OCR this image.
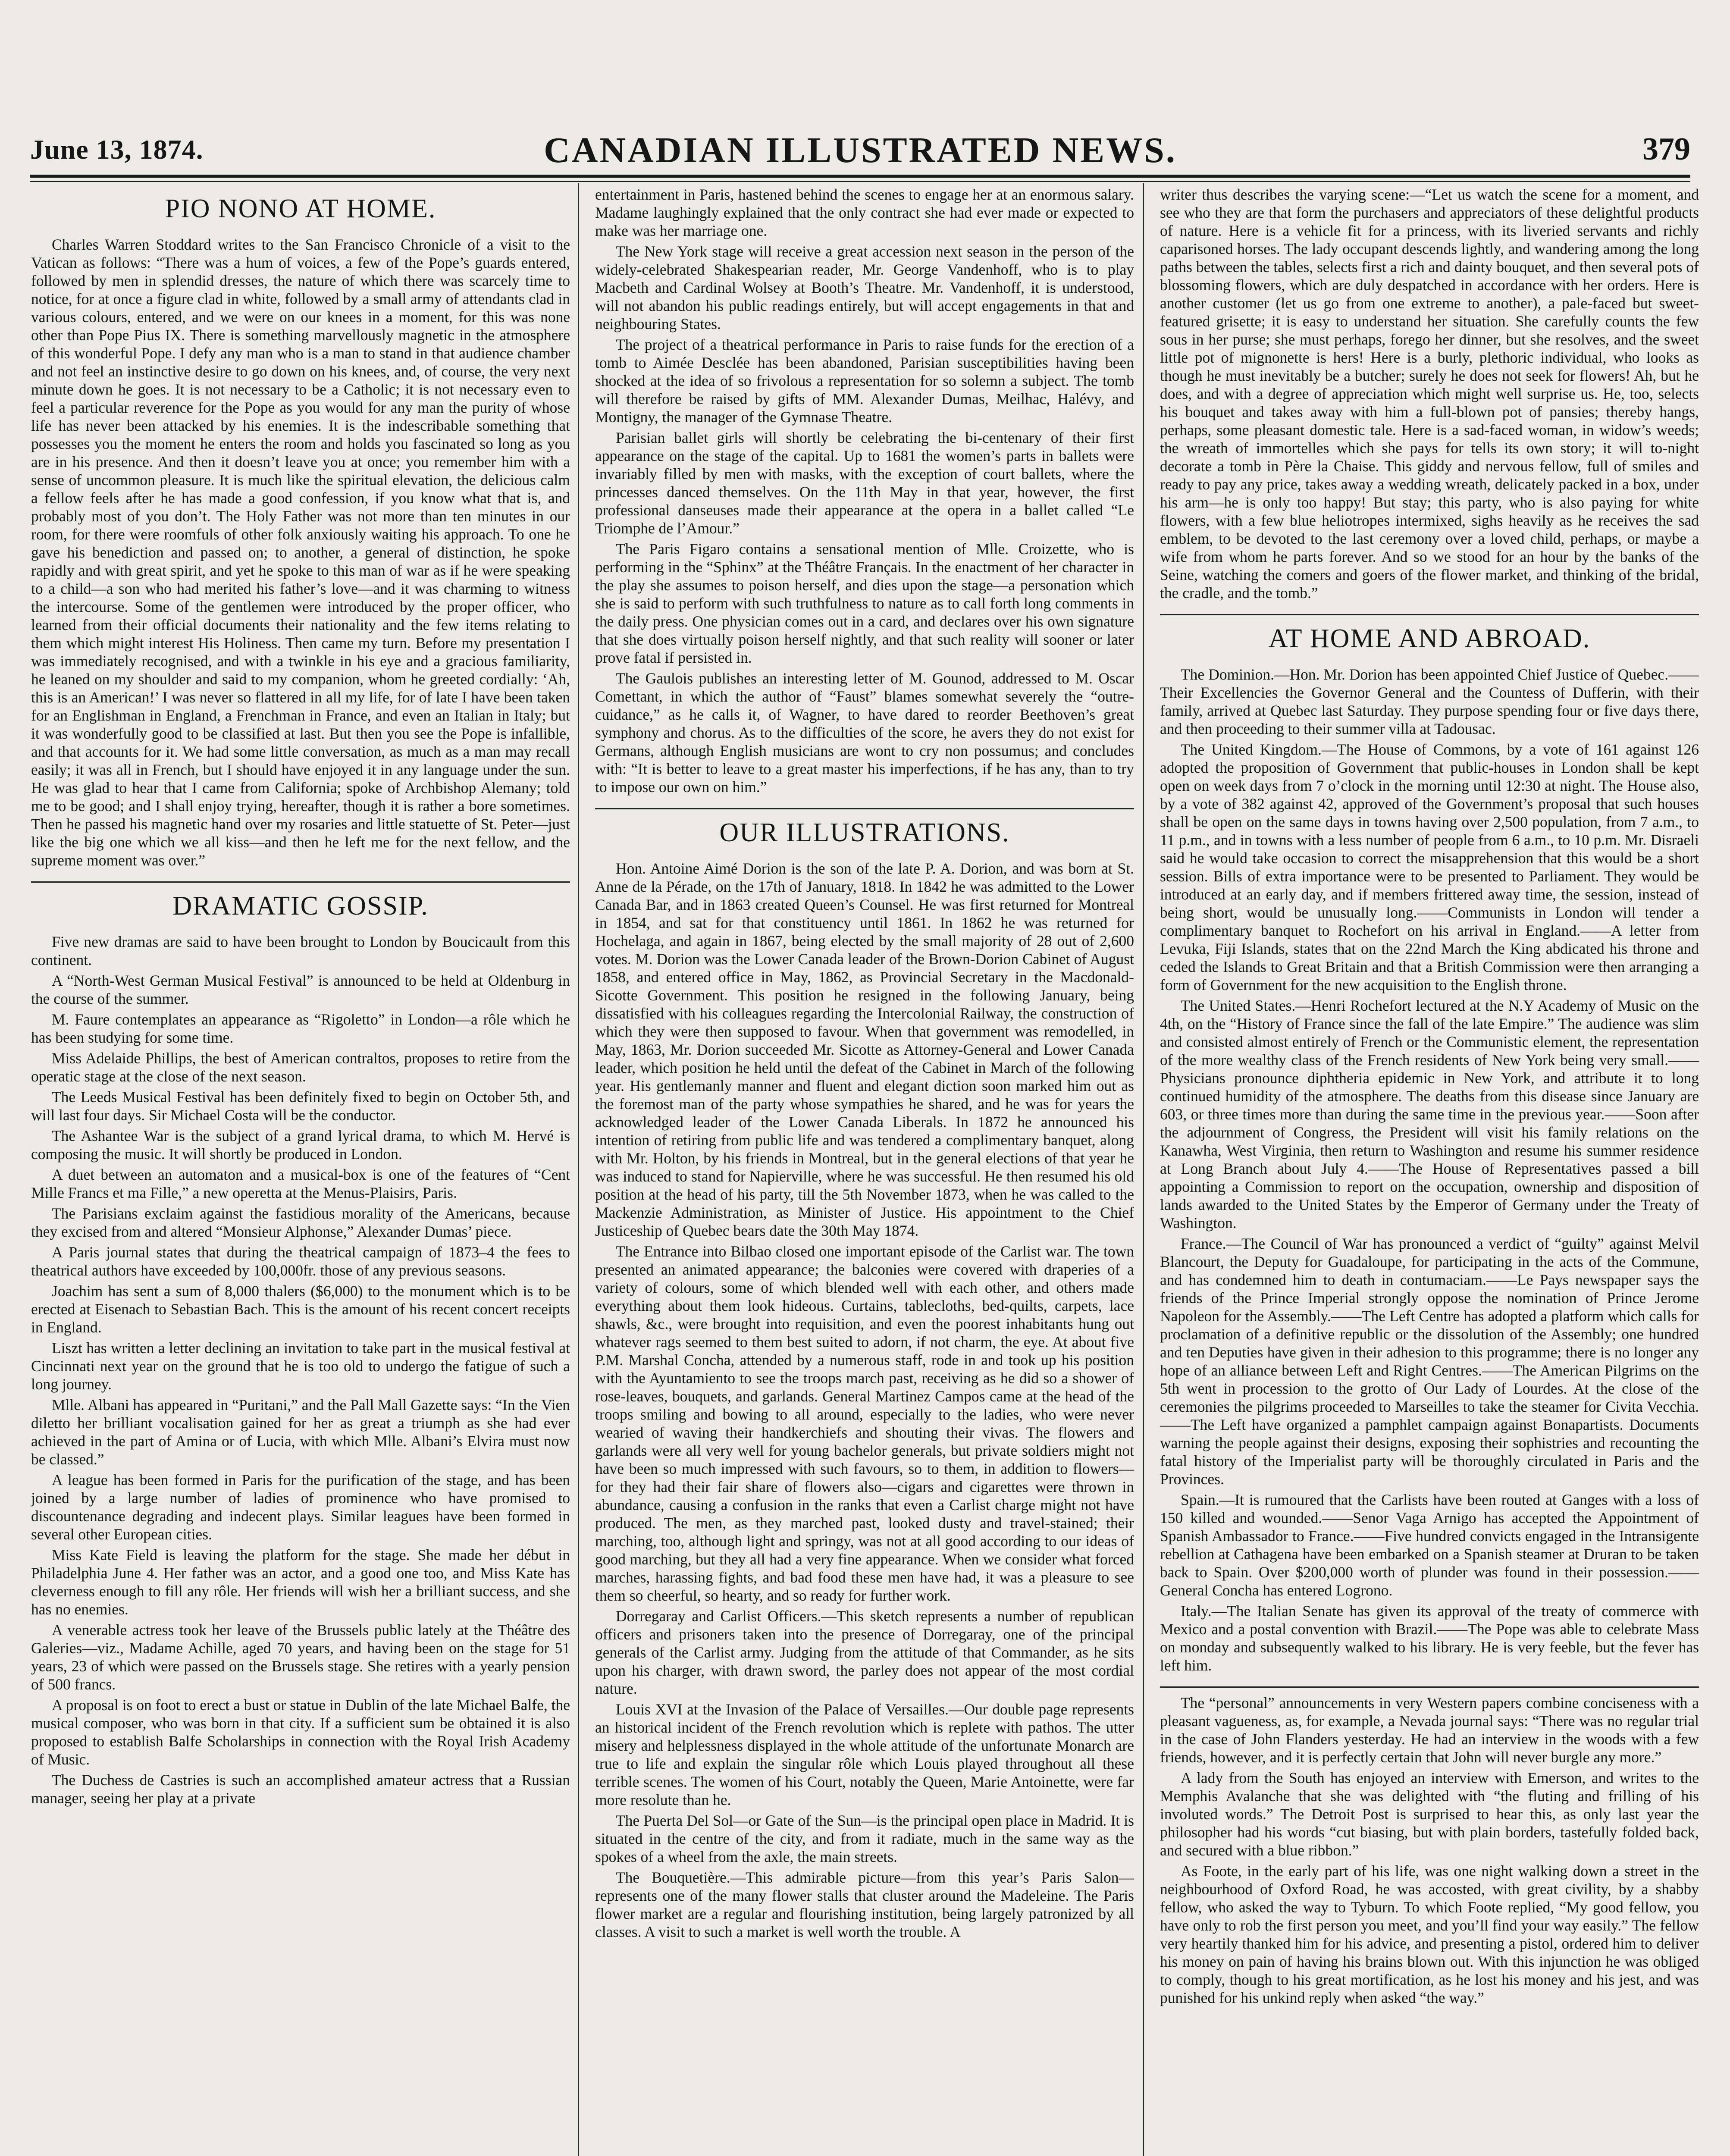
June 13, 1874.	CANADIAN ILLUSTRATED NEWS.	379
PIO NONO AT HOME.

Charles Warren Stoddard writes to the San Francisco Chronicle of a visit to the Vatican as follows: “There was a hum of voices, a few of the Pope’s guards entered, followed by men in splendid dresses, the nature of which there was scarcely time to notice, for at once a figure clad in white, followed by a small army of attendants clad in various colours, entered, and we were on our knees in a moment, for this was none other than Pope Pius IX. There is something marvellously magnetic in the atmosphere of this wonderful Pope. I defy any man who is a man to stand in that audience chamber and not feel an instinctive desire to go down on his knees, and, of course, the very next minute down he goes. It is not necessary to be a Catholic; it is not necessary even to feel a particular reverence for the Pope as you would for any man the purity of whose life has never been attacked by his enemies. It is the indescribable something that possesses you the moment he enters the room and holds you fascinated so long as you are in his presence. And then it doesn’t leave you at once; you remember him with a sense of uncommon pleasure. It is much like the spiritual elevation, the delicious calm a fellow feels after he has made a good confession, if you know what that is, and probably most of you don’t. The Holy Father was not more than ten minutes in our room, for there were roomfuls of other folk anxiously waiting his approach. To one he gave his benediction and passed on; to another, a general of distinction, he spoke rapidly and with great spirit, and yet he spoke to this man of war as if he were speaking to a child—a son who had merited his father’s love—and it was charming to witness the intercourse. Some of the gentlemen were introduced by the proper officer, who learned from their official documents their nationality and the few items relating to them which might interest His Holiness. Then came my turn. Before my presentation I was immediately recognised, and with a twinkle in his eye and a gracious familiarity, he leaned on my shoulder and said to my companion, whom he greeted cordially: ‘Ah, this is an American!’ I was never so flattered in all my life, for of late I have been taken for an Englishman in England, a Frenchman in France, and even an Italian in Italy; but it was wonderfully good to be classified at last. But then you see the Pope is infallible, and that accounts for it. We had some little conversation, as much as a man may recall easily; it was all in French, but I should have enjoyed it in any language under the sun. He was glad to hear that I came from California; spoke of Archbishop Alemany; told me to be good; and I shall enjoy trying, hereafter, though it is rather a bore sometimes. Then he passed his magnetic hand over my rosaries and little statuette of St. Peter—just like the big one which we all kiss—and then he left me for the next fellow, and the supreme moment was over.”

DRAMATIC GOSSIP.

Five new dramas are said to have been brought to London by Boucicault from this continent.

A “North-West German Musical Festival” is announced to be held at Oldenburg in the course of the summer.

M. Faure contemplates an appearance as “Rigoletto” in London—a rôle which he has been studying for some time.

Miss Adelaide Phillips, the best of American contraltos, proposes to retire from the operatic stage at the close of the next season.

The Leeds Musical Festival has been definitely fixed to begin on October 5th, and will last four days. Sir Michael Costa will be the conductor.

The Ashantee War is the subject of a grand lyrical drama, to which M. Hervé is composing the music. It will shortly be produced in London.

A duet between an automaton and a musical-box is one of the features of “Cent Mille Francs et ma Fille,” a new operetta at the Menus-Plaisirs, Paris.

The Parisians exclaim against the fastidious morality of the Americans, because they excised from and altered “Monsieur Alphonse,” Alexander Dumas’ piece.

A Paris journal states that during the theatrical campaign of 1873–4 the fees to theatrical authors have exceeded by 100,000fr. those of any previous seasons.

Joachim has sent a sum of 8,000 thalers ($6,000) to the monument which is to be erected at Eisenach to Sebastian Bach. This is the amount of his recent concert receipts in England.

Liszt has written a letter declining an invitation to take part in the musical festival at Cincinnati next year on the ground that he is too old to undergo the fatigue of such a long journey.

Mlle. Albani has appeared in “Puritani,” and the Pall Mall Gazette says: “In the Vien diletto her brilliant vocalisation gained for her as great a triumph as she had ever achieved in the part of Amina or of Lucia, with which Mlle. Albani’s Elvira must now be classed.”

A league has been formed in Paris for the purification of the stage, and has been joined by a large number of ladies of prominence who have promised to discountenance degrading and indecent plays. Similar leagues have been formed in several other European cities.

Miss Kate Field is leaving the platform for the stage. She made her début in Philadelphia June 4. Her father was an actor, and a good one too, and Miss Kate has cleverness enough to fill any rôle. Her friends will wish her a brilliant success, and she has no enemies.

A venerable actress took her leave of the Brussels public lately at the Théâtre des Galeries—viz., Madame Achille, aged 70 years, and having been on the stage for 51 years, 23 of which were passed on the Brussels stage. She retires with a yearly pension of 500 francs.

A proposal is on foot to erect a bust or statue in Dublin of the late Michael Balfe, the musical composer, who was born in that city. If a sufficient sum be obtained it is also proposed to establish Balfe Scholarships in connection with the Royal Irish Academy of Music.

The Duchess de Castries is such an accomplished amateur actress that a Russian manager, seeing her play at a private

entertainment in Paris, hastened behind the scenes to engage her at an enormous salary. Madame laughingly explained that the only contract she had ever made or expected to make was her marriage one.

The New York stage will receive a great accession next season in the person of the widely-celebrated Shakespearian reader, Mr. George Vandenhoff, who is to play Macbeth and Cardinal Wolsey at Booth’s Theatre. Mr. Vandenhoff, it is understood, will not abandon his public readings entirely, but will accept engagements in that and neighbouring States.

The project of a theatrical performance in Paris to raise funds for the erection of a tomb to Aimée Desclée has been abandoned, Parisian susceptibilities having been shocked at the idea of so frivolous a representation for so solemn a subject. The tomb will therefore be raised by gifts of MM. Alexander Dumas, Meilhac, Halévy, and Montigny, the manager of the Gymnase Theatre.

Parisian ballet girls will shortly be celebrating the bi-centenary of their first appearance on the stage of the capital. Up to 1681 the women’s parts in ballets were invariably filled by men with masks, with the exception of court ballets, where the princesses danced themselves. On the 11th May in that year, however, the first professional danseuses made their appearance at the opera in a ballet called “Le Triomphe de l’Amour.”

The Paris Figaro contains a sensational mention of Mlle. Croizette, who is performing in the “Sphinx” at the Théâtre Français. In the enactment of her character in the play she assumes to poison herself, and dies upon the stage—a personation which she is said to perform with such truthfulness to nature as to call forth long comments in the daily press. One physician comes out in a card, and declares over his own signature that she does virtually poison herself nightly, and that such reality will sooner or later prove fatal if persisted in.

The Gaulois publishes an interesting letter of M. Gounod, addressed to M. Oscar Comettant, in which the author of “Faust” blames somewhat severely the “outre-cuidance,” as he calls it, of Wagner, to have dared to reorder Beethoven’s great symphony and chorus. As to the difficulties of the score, he avers they do not exist for Germans, although English musicians are wont to cry non possumus; and concludes with: “It is better to leave to a great master his imperfections, if he has any, than to try to impose our own on him.”

OUR ILLUSTRATIONS.

Hon. Antoine Aimé Dorion is the son of the late P. A. Dorion, and was born at St. Anne de la Pérade, on the 17th of January, 1818. In 1842 he was admitted to the Lower Canada Bar, and in 1863 created Queen’s Counsel. He was first returned for Montreal in 1854, and sat for that constituency until 1861. In 1862 he was returned for Hochelaga, and again in 1867, being elected by the small majority of 28 out of 2,600 votes. M. Dorion was the Lower Canada leader of the Brown-Dorion Cabinet of August 1858, and entered office in May, 1862, as Provincial Secretary in the Macdonald-Sicotte Government. This position he resigned in the following January, being dissatisfied with his colleagues regarding the Intercolonial Railway, the construction of which they were then supposed to favour. When that government was remodelled, in May, 1863, Mr. Dorion succeeded Mr. Sicotte as Attorney-General and Lower Canada leader, which position he held until the defeat of the Cabinet in March of the following year. His gentlemanly manner and fluent and elegant diction soon marked him out as the foremost man of the party whose sympathies he shared, and he was for years the acknowledged leader of the Lower Canada Liberals. In 1872 he announced his intention of retiring from public life and was tendered a complimentary banquet, along with Mr. Holton, by his friends in Montreal, but in the general elections of that year he was induced to stand for Napierville, where he was successful. He then resumed his old position at the head of his party, till the 5th November 1873, when he was called to the Mackenzie Administration, as Minister of Justice. His appointment to the Chief Justiceship of Quebec bears date the 30th May 1874.

The Entrance into Bilbao closed one important episode of the Carlist war. The town presented an animated appearance; the balconies were covered with draperies of a variety of colours, some of which blended well with each other, and others made everything about them look hideous. Curtains, tablecloths, bed-quilts, carpets, lace shawls, &c., were brought into requisition, and even the poorest inhabitants hung out whatever rags seemed to them best suited to adorn, if not charm, the eye. At about five P.M. Marshal Concha, attended by a numerous staff, rode in and took up his position with the Ayuntamiento to see the troops march past, receiving as he did so a shower of rose-leaves, bouquets, and garlands. General Martinez Campos came at the head of the troops smiling and bowing to all around, especially to the ladies, who were never wearied of waving their handkerchiefs and shouting their vivas. The flowers and garlands were all very well for young bachelor generals, but private soldiers might not have been so much impressed with such favours, so to them, in addition to flowers—for they had their fair share of flowers also—cigars and cigarettes were thrown in abundance, causing a confusion in the ranks that even a Carlist charge might not have produced. The men, as they marched past, looked dusty and travel-stained; their marching, too, although light and springy, was not at all good according to our ideas of good marching, but they all had a very fine appearance. When we consider what forced marches, harassing fights, and bad food these men have had, it was a pleasure to see them so cheerful, so hearty, and so ready for further work.

Dorregaray and Carlist Officers.—This sketch represents a number of republican officers and prisoners taken into the presence of Dorregaray, one of the principal generals of the Carlist army. Judging from the attitude of that Commander, as he sits upon his charger, with drawn sword, the parley does not appear of the most cordial nature.

Louis XVI at the Invasion of the Palace of Versailles.—Our double page represents an historical incident of the French revolution which is replete with pathos. The utter misery and helplessness displayed in the whole attitude of the unfortunate Monarch are true to life and explain the singular rôle which Louis played throughout all these terrible scenes. The women of his Court, notably the Queen, Marie Antoinette, were far more resolute than he.

The Puerta Del Sol—or Gate of the Sun—is the principal open place in Madrid. It is situated in the centre of the city, and from it radiate, much in the same way as the spokes of a wheel from the axle, the main streets.

The Bouquetière.—This admirable picture—from this year’s Paris Salon—represents one of the many flower stalls that cluster around the Madeleine. The Paris flower market are a regular and flourishing institution, being largely patronized by all classes. A visit to such a market is well worth the trouble. A

writer thus describes the varying scene:—“Let us watch the scene for a moment, and see who they are that form the purchasers and appreciators of these delightful products of nature. Here is a vehicle fit for a princess, with its liveried servants and richly caparisoned horses. The lady occupant descends lightly, and wandering among the long paths between the tables, selects first a rich and dainty bouquet, and then several pots of blossoming flowers, which are duly despatched in accordance with her orders. Here is another customer (let us go from one extreme to another), a pale-faced but sweet-featured grisette; it is easy to understand her situation. She carefully counts the few sous in her purse; she must perhaps, forego her dinner, but she resolves, and the sweet little pot of mignonette is hers! Here is a burly, plethoric individual, who looks as though he must inevitably be a butcher; surely he does not seek for flowers! Ah, but he does, and with a degree of appreciation which might well surprise us. He, too, selects his bouquet and takes away with him a full-blown pot of pansies; thereby hangs, perhaps, some pleasant domestic tale. Here is a sad-faced woman, in widow’s weeds; the wreath of immortelles which she pays for tells its own story; it will to-night decorate a tomb in Père la Chaise. This giddy and nervous fellow, full of smiles and ready to pay any price, takes away a wedding wreath, delicately packed in a box, under his arm—he is only too happy! But stay; this party, who is also paying for white flowers, with a few blue heliotropes intermixed, sighs heavily as he receives the sad emblem, to be devoted to the last ceremony over a loved child, perhaps, or maybe a wife from whom he parts forever. And so we stood for an hour by the banks of the Seine, watching the comers and goers of the flower market, and thinking of the bridal, the cradle, and the tomb.”

AT HOME AND ABROAD.

The Dominion.—Hon. Mr. Dorion has been appointed Chief Justice of Quebec.——Their Excellencies the Governor General and the Countess of Dufferin, with their family, arrived at Quebec last Saturday. They purpose spending four or five days there, and then proceeding to their summer villa at Tadousac.

The United Kingdom.—The House of Commons, by a vote of 161 against 126 adopted the proposition of Government that public-houses in London shall be kept open on week days from 7 o’clock in the morning until 12:30 at night. The House also, by a vote of 382 against 42, approved of the Government’s proposal that such houses shall be open on the same days in towns having over 2,500 population, from 7 a.m., to 11 p.m., and in towns with a less number of people from 6 a.m., to 10 p.m. Mr. Disraeli said he would take occasion to correct the misapprehension that this would be a short session. Bills of extra importance were to be presented to Parliament. They would be introduced at an early day, and if members frittered away time, the session, instead of being short, would be unusually long.——Communists in London will tender a complimentary banquet to Rochefort on his arrival in England.——A letter from Levuka, Fiji Islands, states that on the 22nd March the King abdicated his throne and ceded the Islands to Great Britain and that a British Commission were then arranging a form of Government for the new acquisition to the English throne.

The United States.—Henri Rochefort lectured at the N.Y Academy of Music on the 4th, on the “History of France since the fall of the late Empire.” The audience was slim and consisted almost entirely of French or the Communistic element, the representation of the more wealthy class of the French residents of New York being very small.——Physicians pronounce diphtheria epidemic in New York, and attribute it to long continued humidity of the atmosphere. The deaths from this disease since January are 603, or three times more than during the same time in the previous year.——Soon after the adjournment of Congress, the President will visit his family relations on the Kanawha, West Virginia, then return to Washington and resume his summer residence at Long Branch about July 4.——The House of Representatives passed a bill appointing a Commission to report on the occupation, ownership and disposition of lands awarded to the United States by the Emperor of Germany under the Treaty of Washington.

France.—The Council of War has pronounced a verdict of “guilty” against Melvil Blancourt, the Deputy for Guadaloupe, for participating in the acts of the Commune, and has condemned him to death in contumaciam.——Le Pays newspaper says the friends of the Prince Imperial strongly oppose the nomination of Prince Jerome Napoleon for the Assembly.——The Left Centre has adopted a platform which calls for proclamation of a definitive republic or the dissolution of the Assembly; one hundred and ten Deputies have given in their adhesion to this programme; there is no longer any hope of an alliance between Left and Right Centres.——The American Pilgrims on the 5th went in procession to the grotto of Our Lady of Lourdes. At the close of the ceremonies the pilgrims proceeded to Marseilles to take the steamer for Civita Vecchia.——The Left have organized a pamphlet campaign against Bonapartists. Documents warning the people against their designs, exposing their sophistries and recounting the fatal history of the Imperialist party will be thoroughly circulated in Paris and the Provinces.

Spain.—It is rumoured that the Carlists have been routed at Ganges with a loss of 150 killed and wounded.——Senor Vaga Arnigo has accepted the Appointment of Spanish Ambassador to France.——Five hundred convicts engaged in the Intransigente rebellion at Cathagena have been embarked on a Spanish steamer at Druran to be taken back to Spain. Over $200,000 worth of plunder was found in their possession.——General Concha has entered Logrono.

Italy.—The Italian Senate has given its approval of the treaty of commerce with Mexico and a postal convention with Brazil.——The Pope was able to celebrate Mass on monday and subsequently walked to his library. He is very feeble, but the fever has left him.

The “personal” announcements in very Western papers combine conciseness with a pleasant vagueness, as, for example, a Nevada journal says: “There was no regular trial in the case of John Flanders yesterday. He had an interview in the woods with a few friends, however, and it is perfectly certain that John will never burgle any more.”

A lady from the South has enjoyed an interview with Emerson, and writes to the Memphis Avalanche that she was delighted with “the fluting and frilling of his involuted words.” The Detroit Post is surprised to hear this, as only last year the philosopher had his words “cut biasing, but with plain borders, tastefully folded back, and secured with a blue ribbon.”

As Foote, in the early part of his life, was one night walking down a street in the neighbourhood of Oxford Road, he was accosted, with great civility, by a shabby fellow, who asked the way to Tyburn. To which Foote replied, “My good fellow, you have only to rob the first person you meet, and you’ll find your way easily.” The fellow very heartily thanked him for his advice, and presenting a pistol, ordered him to deliver his money on pain of having his brains blown out. With this injunction he was obliged to comply, though to his great mortification, as he lost his money and his jest, and was punished for his unkind reply when asked “the way.”
